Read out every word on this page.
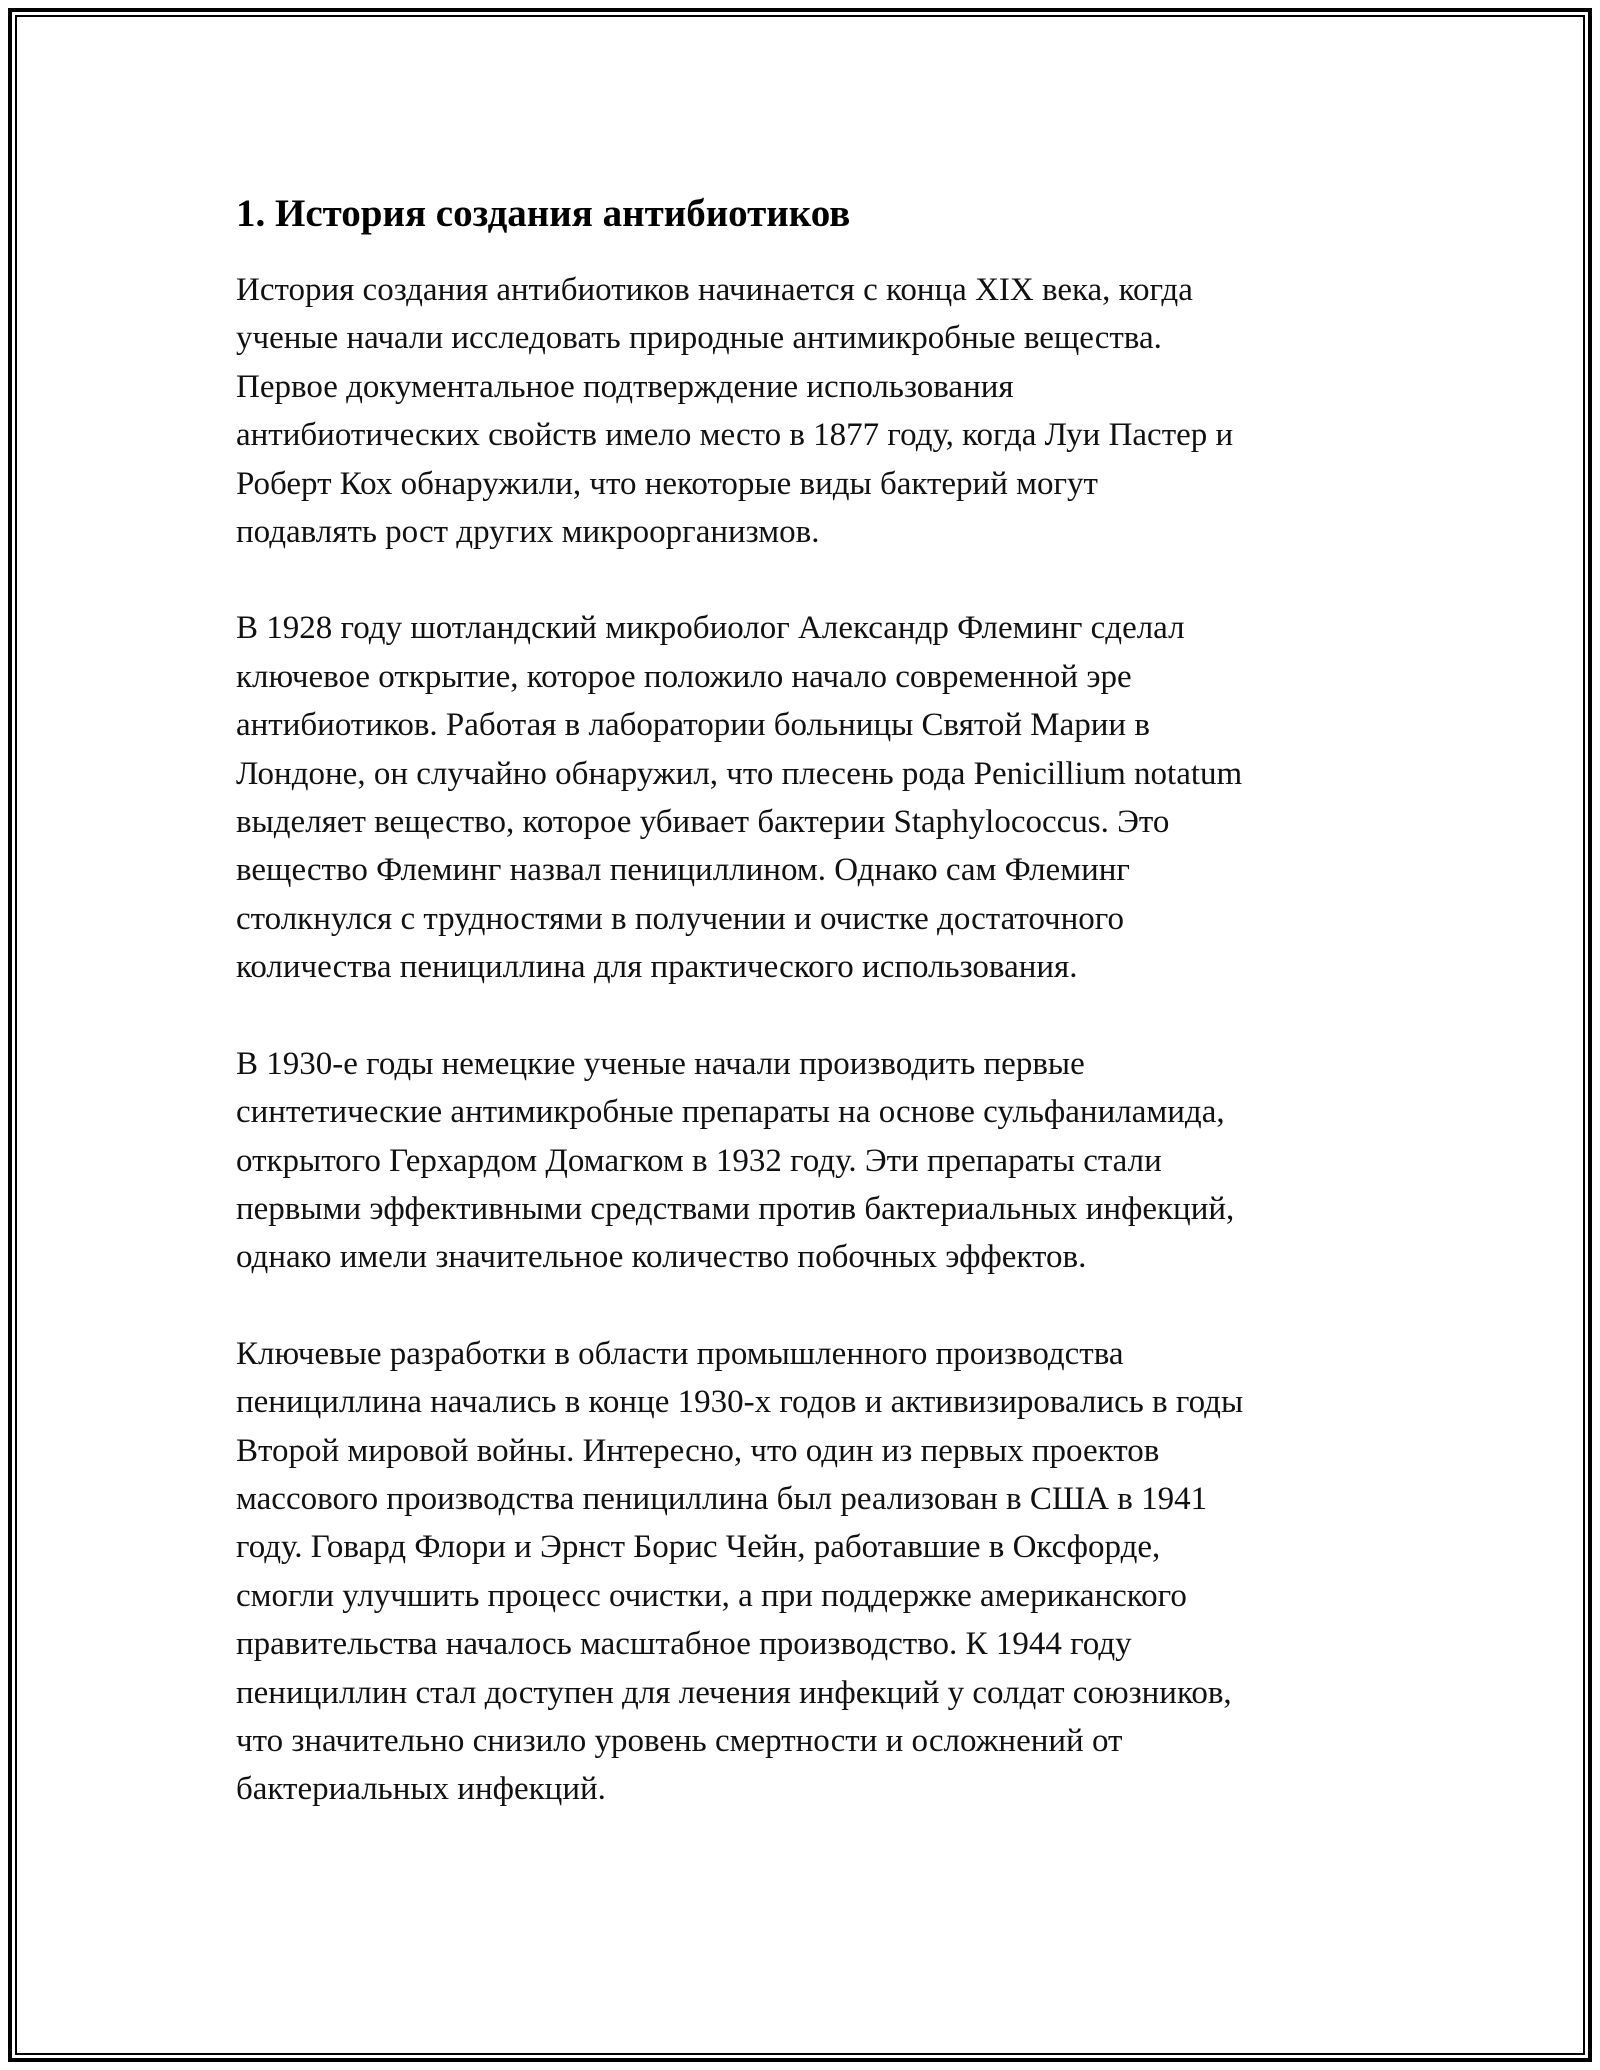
1. История создания антибиотиков

История создания антибиотиков начинается с конца XIX века, когда
ученые начали исследовать природные антимикробные вещества.
Первое документальное подтверждение использования
антибиотических свойств имело место в 1877 году, когда Луи Пастер и
Роберт Кох обнаружили, что некоторые виды бактерий могут
подавлять рост других микроорганизмов.

В 1928 году шотландский микробиолог Александр Флеминг сделал
ключевое открытие, которое положило начало современной эре
антибиотиков. Работая в лаборатории больницы Святой Марии в
Лондоне, он случайно обнаружил, что плесень рода Penicillium notatum
выделяет вещество, которое убивает бактерии Staphylococcus. Это
вещество Флеминг назвал пенициллином. Однако сам Флеминг
столкнулся с трудностями в получении и очистке достаточного
количества пенициллина для практического использования.

В 1930-е годы немецкие ученые начали производить первые
синтетические антимикробные препараты на основе сульфаниламида,
открытого Герхардом Домагком в 1932 году. Эти препараты стали
первыми эффективными средствами против бактериальных инфекций,
однако имели значительное количество побочных эффектов.

Ключевые разработки в области промышленного производства
пенициллина начались в конце 1930-х годов и активизировались в годы
Второй мировой войны. Интересно, что один из первых проектов
массового производства пенициллина был реализован в США в 1941
году. Говард Флори и Эрнст Борис Чейн, работавшие в Оксфорде,
смогли улучшить процесс очистки, а при поддержке американского
правительства началось масштабное производство. К 1944 году
пенициллин стал доступен для лечения инфекций у солдат союзников,
что значительно снизило уровень смертности и осложнений от
бактериальных инфекций.
